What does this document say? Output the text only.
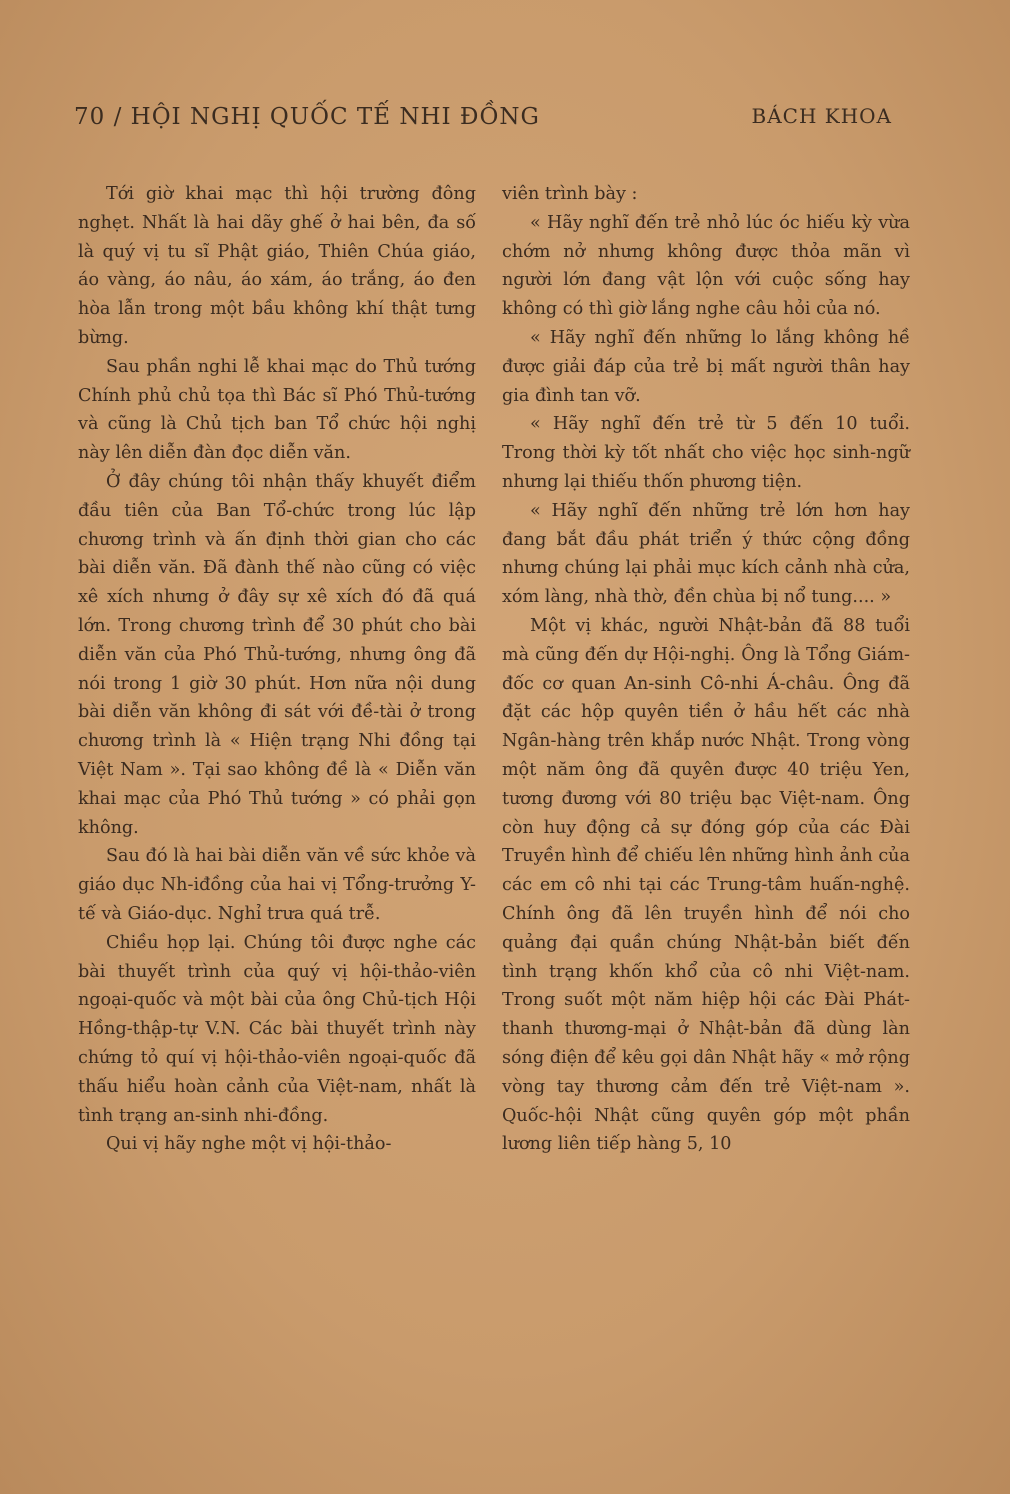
70 / HỘI NGHỊ QUỐC TẾ NHI ĐỒNG	BÁCH KHOA

Tới giờ khai mạc thì hội trường đông nghẹt. Nhất là hai dãy ghế ở hai bên, đa số là quý vị tu sĩ Phật giáo, Thiên Chúa giáo, áo vàng, áo nâu, áo xám, áo trắng, áo đen hòa lẫn trong một bầu không khí thật tưng bừng.

Sau phần nghi lễ khai mạc do Thủ tướng Chính phủ chủ tọa thì Bác sĩ Phó Thủ-tướng và cũng là Chủ tịch ban Tổ chức hội nghị này lên diễn đàn đọc diễn văn.

Ở đây chúng tôi nhận thấy khuyết điểm đầu tiên của Ban Tổ-chức trong lúc lập chương trình và ấn định thời gian cho các bài diễn văn. Đã đành thế nào cũng có việc xê xích nhưng ở đây sự xê xích đó đã quá lớn. Trong chương trình để 30 phút cho bài diễn văn của Phó Thủ-tướng, nhưng ông đã nói trong 1 giờ 30 phút. Hơn nữa nội dung bài diễn văn không đi sát với đề-tài ở trong chương trình là « Hiện trạng Nhi đồng tại Việt Nam ». Tại sao không đề là « Diễn văn khai mạc của Phó Thủ tướng » có phải gọn không.

Sau đó là hai bài diễn văn về sức khỏe và giáo dục Nh-iđồng của hai vị Tổng-trưởng Y-tế và Giáo-dục. Nghỉ trưa quá trễ.

Chiều họp lại. Chúng tôi được nghe các bài thuyết trình của quý vị hội-thảo-viên ngoại-quốc và một bài của ông Chủ-tịch Hội Hồng-thập-tự V.N. Các bài thuyết trình này chứng tỏ quí vị hội-thảo-viên ngoại-quốc đã thấu hiểu hoàn cảnh của Việt-nam, nhất là tình trạng an-sinh nhi-đồng.

Qui vị hãy nghe một vị hội-thảo-

viên trình bày :

« Hãy nghĩ đến trẻ nhỏ lúc óc hiếu kỳ vừa chớm nở nhưng không được thỏa mãn vì người lớn đang vật lộn với cuộc sống hay không có thì giờ lắng nghe câu hỏi của nó.

« Hãy nghĩ đến những lo lắng không hề được giải đáp của trẻ bị mất người thân hay gia đình tan vỡ.

« Hãy nghĩ đến trẻ từ 5 đến 10 tuổi. Trong thời kỳ tốt nhất cho việc học sinh-ngữ nhưng lại thiếu thốn phương tiện.

« Hãy nghĩ đến những trẻ lớn hơn hay đang bắt đầu phát triển ý thức cộng đồng nhưng chúng lại phải mục kích cảnh nhà cửa, xóm làng, nhà thờ, đền chùa bị nổ tung.... »

Một vị khác, người Nhật-bản đã 88 tuổi mà cũng đến dự Hội-nghị. Ông là Tổng Giám-đốc cơ quan An-sinh Cô-nhi Á-châu. Ông đã đặt các hộp quyên tiền ở hầu hết các nhà Ngân-hàng trên khắp nước Nhật. Trong vòng một năm ông đã quyên được 40 triệu Yen, tương đương với 80 triệu bạc Việt-nam. Ông còn huy động cả sự đóng góp của các Đài Truyền hình để chiếu lên những hình ảnh của các em cô nhi tại các Trung-tâm huấn-nghệ. Chính ông đã lên truyền hình để nói cho quảng đại quần chúng Nhật-bản biết đến tình trạng khốn khổ của cô nhi Việt-nam. Trong suốt một năm hiệp hội các Đài Phát-thanh thương-mại ở Nhật-bản đã dùng làn sóng điện để kêu gọi dân Nhật hãy « mở rộng vòng tay thương cảm đến trẻ Việt-nam ». Quốc-hội Nhật cũng quyên góp một phần lương liên tiếp hàng 5, 10
